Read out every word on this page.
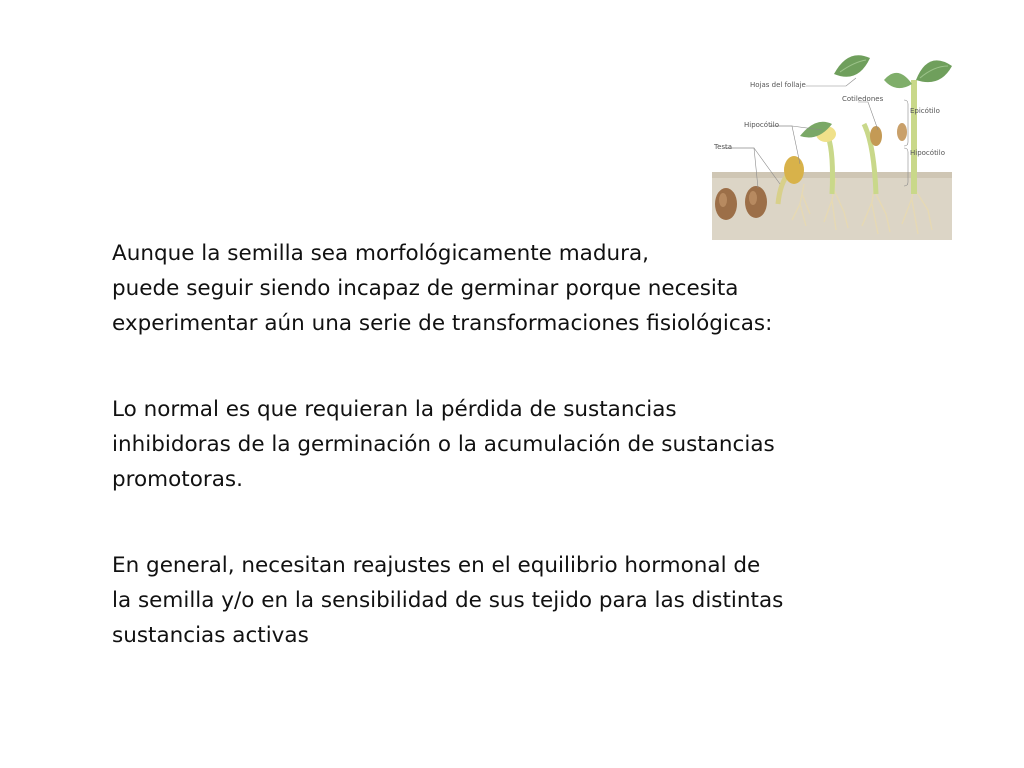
Hojas del follaje
Cotiledones
Epicótilo
Hipocótilo
Hipocótilo
Testa
Aunque la semilla sea morfológicamente madura,
puede seguir siendo incapaz de germinar porque necesita
experimentar aún una serie de transformaciones fisiológicas:
Lo normal es que requieran la pérdida de sustancias
inhibidoras de la germinación o la acumulación de sustancias
promotoras.
En general, necesitan reajustes en el equilibrio hormonal de
la semilla y/o en la sensibilidad de sus tejido para las distintas
sustancias activas
